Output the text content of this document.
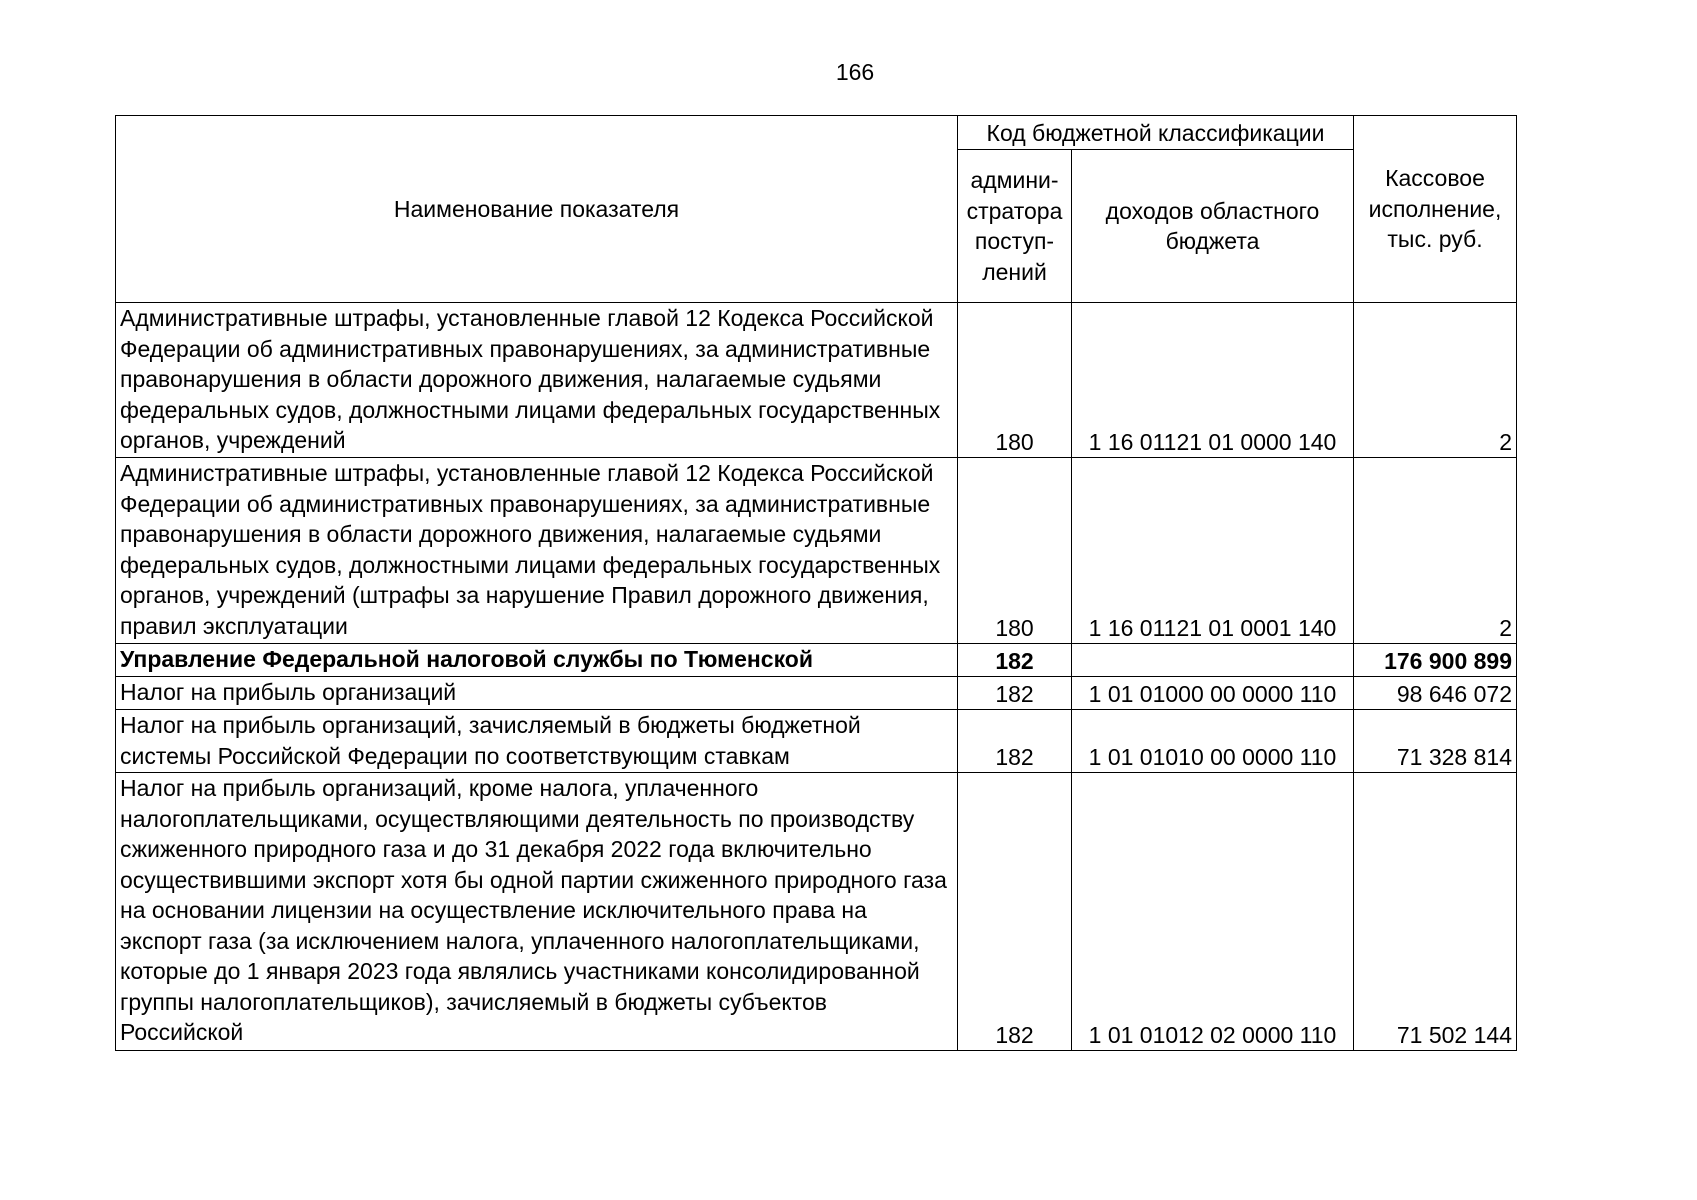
166
Наименование показателя	Код бюджетной классификации		Кассовое исполнение, тыс. руб.
	админи-стратора поступ-лений	доходов областного бюджета	
Административные штрафы, установленные главой 12 Кодекса Российской Федерации об административных правонарушениях, за административные правонарушения в области дорожного движения, налагаемые судьями федеральных судов, должностными лицами федеральных государственных органов, учреждений	180	1 16 01121 01 0000 140	2
Административные штрафы, установленные главой 12 Кодекса Российской Федерации об административных правонарушениях, за административные правонарушения в области дорожного движения, налагаемые судьями федеральных судов, должностными лицами федеральных государственных органов, учреждений (штрафы за нарушение Правил дорожного движения, правил эксплуатации	180	1 16 01121 01 0001 140	2
Управление Федеральной налоговой службы по Тюменской	182		176 900 899
Налог на прибыль организаций	182	1 01 01000 00 0000 110	98 646 072
Налог на прибыль организаций, зачисляемый в бюджеты бюджетной системы Российской Федерации по соответствующим ставкам	182	1 01 01010 00 0000 110	71 328 814
Налог на прибыль организаций, кроме налога, уплаченного налогоплательщиками, осуществляющими деятельность по производству сжиженного природного газа и до 31 декабря 2022 года включительно осуществившими экспорт хотя бы одной партии сжиженного природного газа на основании лицензии на осуществление исключительного права на экспорт газа (за исключением налога, уплаченного налогоплательщиками, которые до 1 января 2023 года являлись участниками консолидированной группы налогоплательщиков), зачисляемый в бюджеты субъектов Российской	182	1 01 01012 02 0000 110	71 502 144
